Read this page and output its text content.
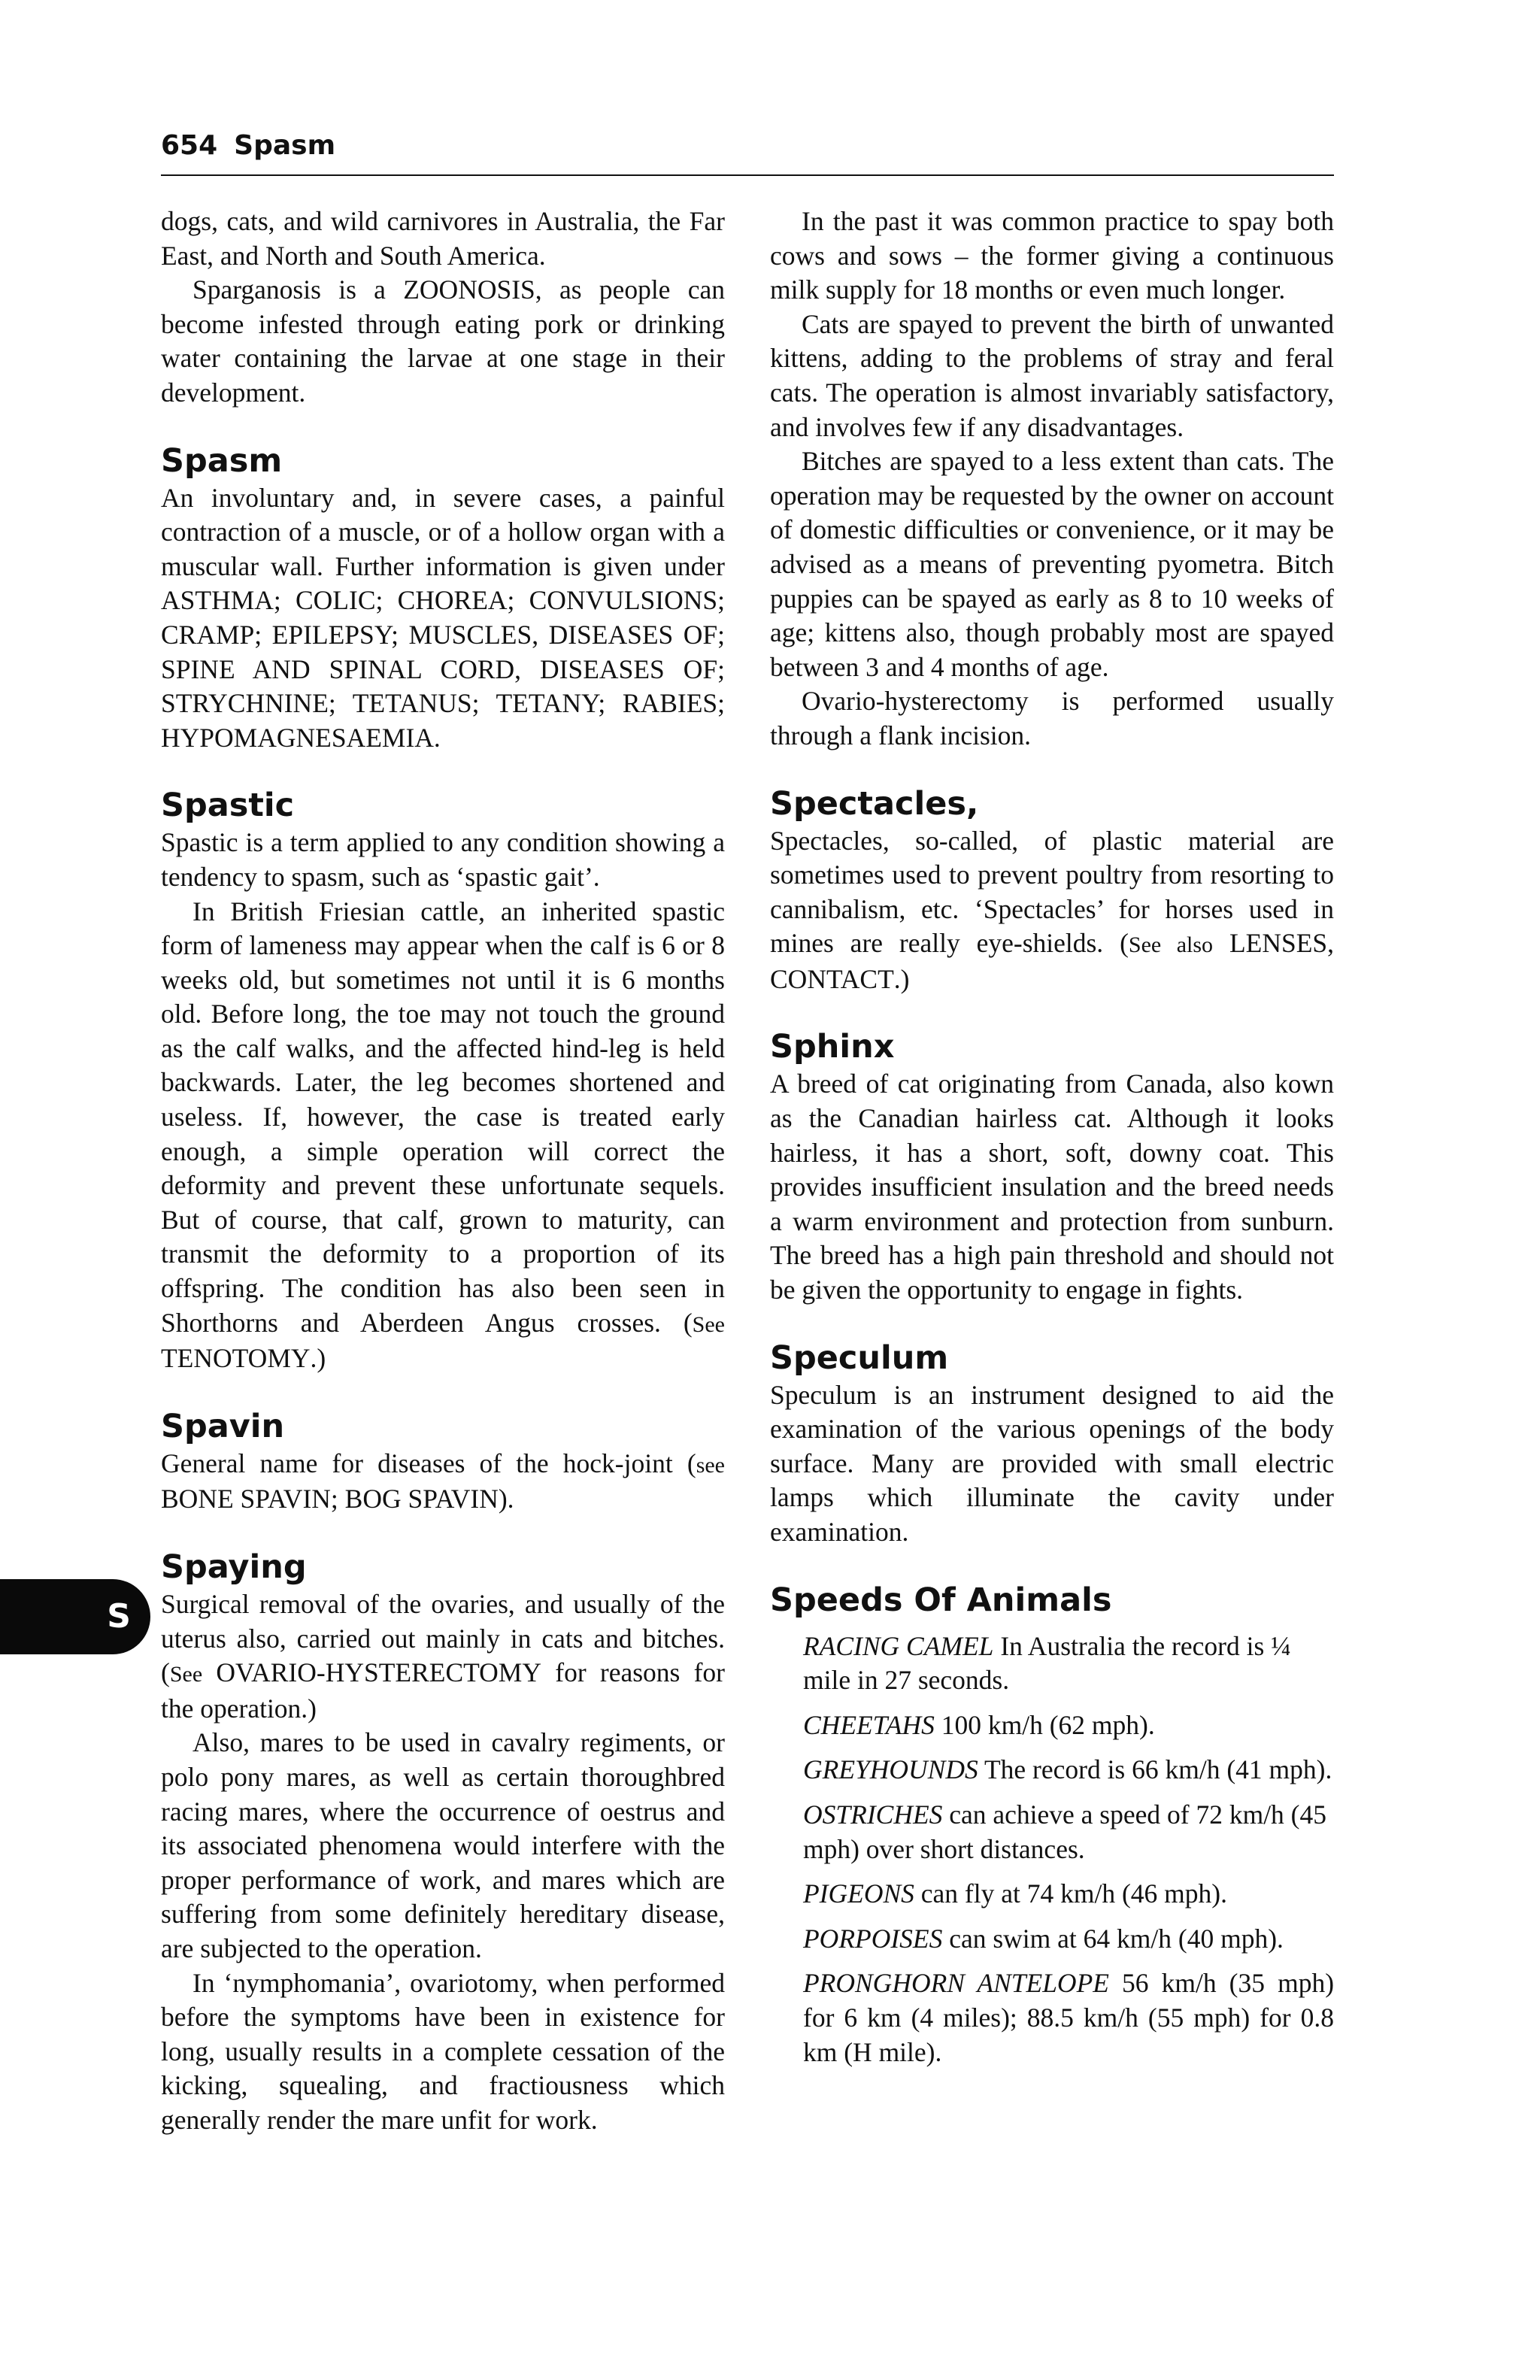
654 Spasm
S

dogs, cats, and wild carnivores in Australia, the Far East, and North and South America.

Sparganosis is a ZOONOSIS, as people can become infested through eating pork or drinking water containing the larvae at one stage in their development.

Spasm

An involuntary and, in severe cases, a painful contraction of a muscle, or of a hollow organ with a muscular wall. Further information is given under ASTHMA; COLIC; CHOREA; CONVULSIONS; CRAMP; EPILEPSY; MUSCLES, DISEASES OF; SPINE AND SPINAL CORD, DISEASES OF; STRYCHNINE; TETANUS; TETANY; RABIES; HYPOMAGNESAEMIA.

Spastic

Spastic is a term applied to any condition showing a tendency to spasm, such as ‘spastic gait’.

In British Friesian cattle, an inherited spastic form of lameness may appear when the calf is 6 or 8 weeks old, but sometimes not until it is 6 months old. Before long, the toe may not touch the ground as the calf walks, and the affected hind-leg is held backwards. Later, the leg becomes shortened and useless. If, however, the case is treated early enough, a simple operation will correct the deformity and prevent these unfortunate sequels. But of course, that calf, grown to maturity, can transmit the deformity to a proportion of its offspring. The condition has also been seen in Shorthorns and Aberdeen Angus crosses. (See TENOTOMY.)

Spavin

General name for diseases of the hock-joint (see BONE SPAVIN; BOG SPAVIN).

Spaying

Surgical removal of the ovaries, and usually of the uterus also, carried out mainly in cats and bitches. (See OVARIO-HYSTERECTOMY for reasons for the operation.)

Also, mares to be used in cavalry regiments, or polo pony mares, as well as certain thoroughbred racing mares, where the occurrence of oestrus and its associated phenomena would interfere with the proper performance of work, and mares which are suffering from some definitely hereditary disease, are subjected to the operation.

In ‘nymphomania’, ovariotomy, when performed before the symptoms have been in existence for long, usually results in a complete cessation of the kicking, squealing, and fractiousness which generally render the mare unfit for work.

In the past it was common practice to spay both cows and sows – the former giving a continuous milk supply for 18 months or even much longer.

Cats are spayed to prevent the birth of unwanted kittens, adding to the problems of stray and feral cats. The operation is almost invariably satisfactory, and involves few if any disadvantages.

Bitches are spayed to a less extent than cats. The operation may be requested by the owner on account of domestic difficulties or convenience, or it may be advised as a means of preventing pyometra. Bitch puppies can be spayed as early as 8 to 10 weeks of age; kittens also, though probably most are spayed between 3 and 4 months of age.

Ovario-hysterectomy is performed usually through a flank incision.

Spectacles,

Spectacles, so-called, of plastic material are sometimes used to prevent poultry from resorting to cannibalism, etc. ‘Spectacles’ for horses used in mines are really eye-shields. (See also LENSES, CONTACT.)

Sphinx

A breed of cat originating from Canada, also kown as the Canadian hairless cat. Although it looks hairless, it has a short, soft, downy coat. This provides insufficient insulation and the breed needs a warm environment and protection from sunburn. The breed has a high pain threshold and should not be given the opportunity to engage in fights.

Speculum

Speculum is an instrument designed to aid the examination of the various openings of the body surface. Many are provided with small electric lamps which illuminate the cavity under examination.

Speeds Of Animals

RACING CAMEL In Australia the record is ¼ mile in 27 seconds.

CHEETAHS 100 km/h (62 mph).

GREYHOUNDS The record is 66 km/h (41 mph).

OSTRICHES can achieve a speed of 72 km/h (45 mph) over short distances.

PIGEONS can fly at 74 km/h (46 mph).

PORPOISES can swim at 64 km/h (40 mph).

PRONGHORN ANTELOPE 56 km/h (35 mph) for 6 km (4 miles); 88.5 km/h (55 mph) for 0.8 km (H mile).
